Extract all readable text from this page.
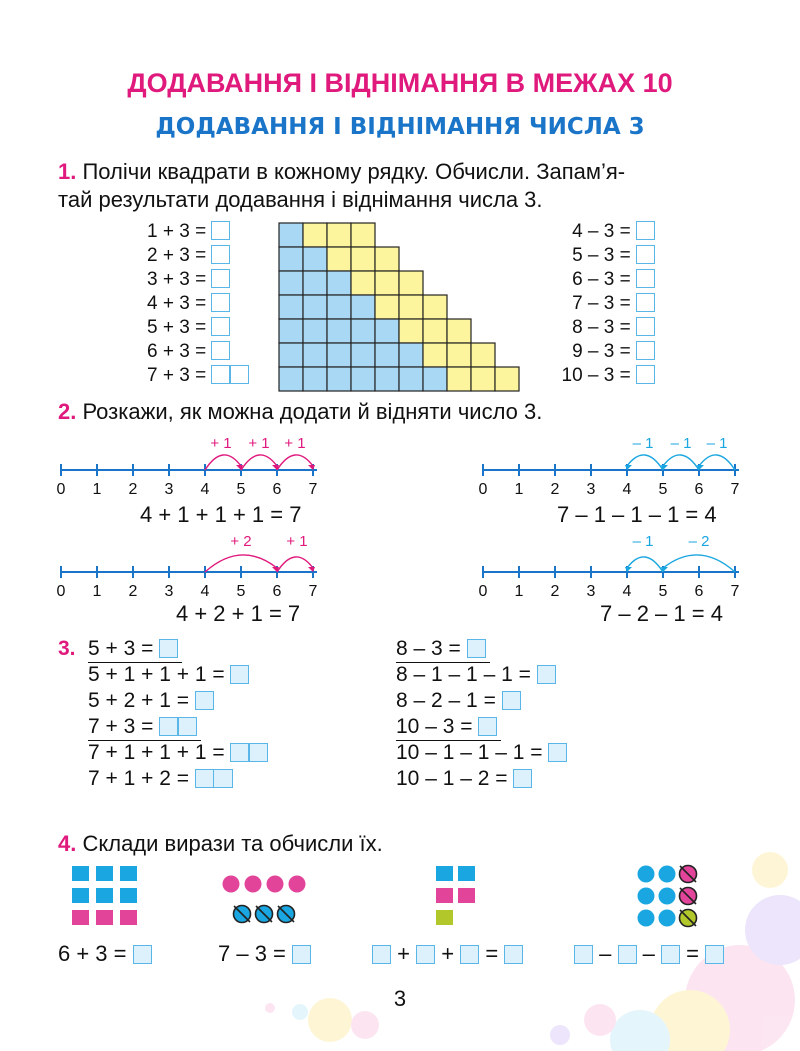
ДОДАВАННЯ І ВІДНІМАННЯ В МЕЖАХ 10
ДОДАВАННЯ І ВІДНІМАННЯ ЧИСЛА 3
1. Полічи квадрати в кожному рядку. Обчисли. Запам’я-
тай результати додавання і віднімання числа 3.
1 + 3 =
2 + 3 =
3 + 3 =
4 + 3 =
5 + 3 =
6 + 3 =
7 + 3 =
4 – 3 =
5 – 3 =
6 – 3 =
7 – 3 =
8 – 3 =
9 – 3 =
10 – 3 =
2. Розкажи, як можна додати й відняти число 3.
+ 1 + 1 + 1
0 1 2 3 4 5 6 7
4 + 1 + 1 + 1 = 7
– 1 – 1 – 1
0 1 2 3 4 5 6 7
7 – 1 – 1 – 1 = 4
+ 2 + 1
0 1 2 3 4 5 6 7
4 + 2 + 1 = 7
– 1 – 2
0 1 2 3 4 5 6 7
7 – 2 – 1 = 4
3. 5 + 3 =
5 + 1 + 1 + 1 =
5 + 2 + 1 =
7 + 3 =
7 + 1 + 1 + 1 =
7 + 1 + 2 =
8 – 3 =
8 – 1 – 1 – 1 =
8 – 2 – 1 =
10 – 3 =
10 – 1 – 1 – 1 =
10 – 1 – 2 =
4. Склади вирази та обчисли їх.
6 + 3 =	7 – 3 =	+ + =	– – =
3
